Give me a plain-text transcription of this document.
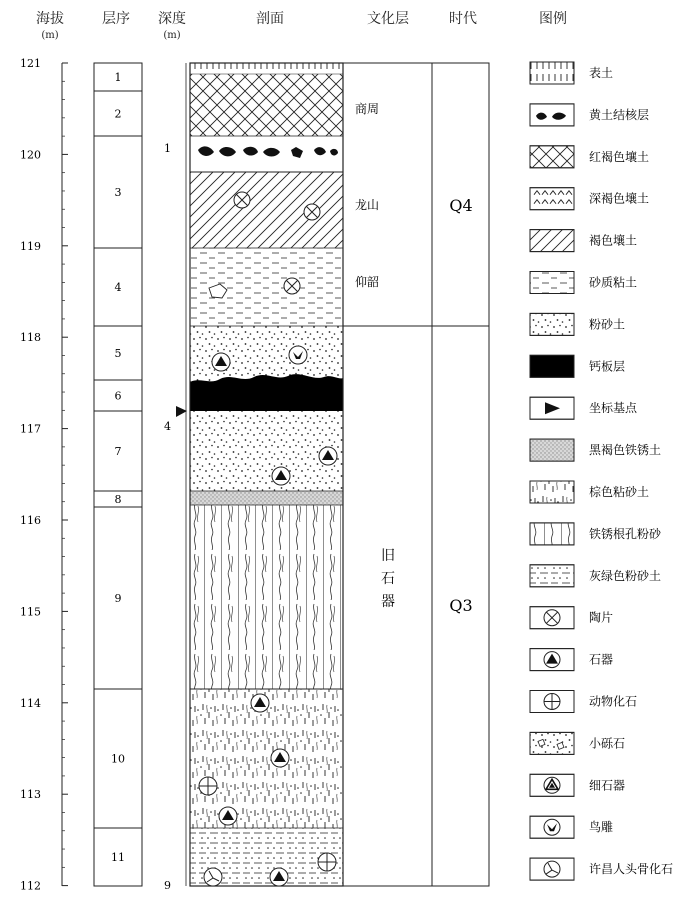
海拔
(m)
层序	深度
(m)
剖面	文化层	时代	图例
121
120
119
118
117
116
115
114
113
112
1
2
3
4
5
6
7
8
9
10
11
1
4
9
商周
龙山
仰韶
旧石器
Q4
Q3
表土
黄土结核层
红褐色壤土
深褐色壤土
褐色壤土
砂质粘土
粉砂土
钙板层
坐标基点
黑褐色铁锈土
棕色粘砂土
铁锈根孔粉砂
灰绿色粉砂土
陶片
石器
动物化石
小砾石
细石器
鸟雕
许昌人头骨化石
